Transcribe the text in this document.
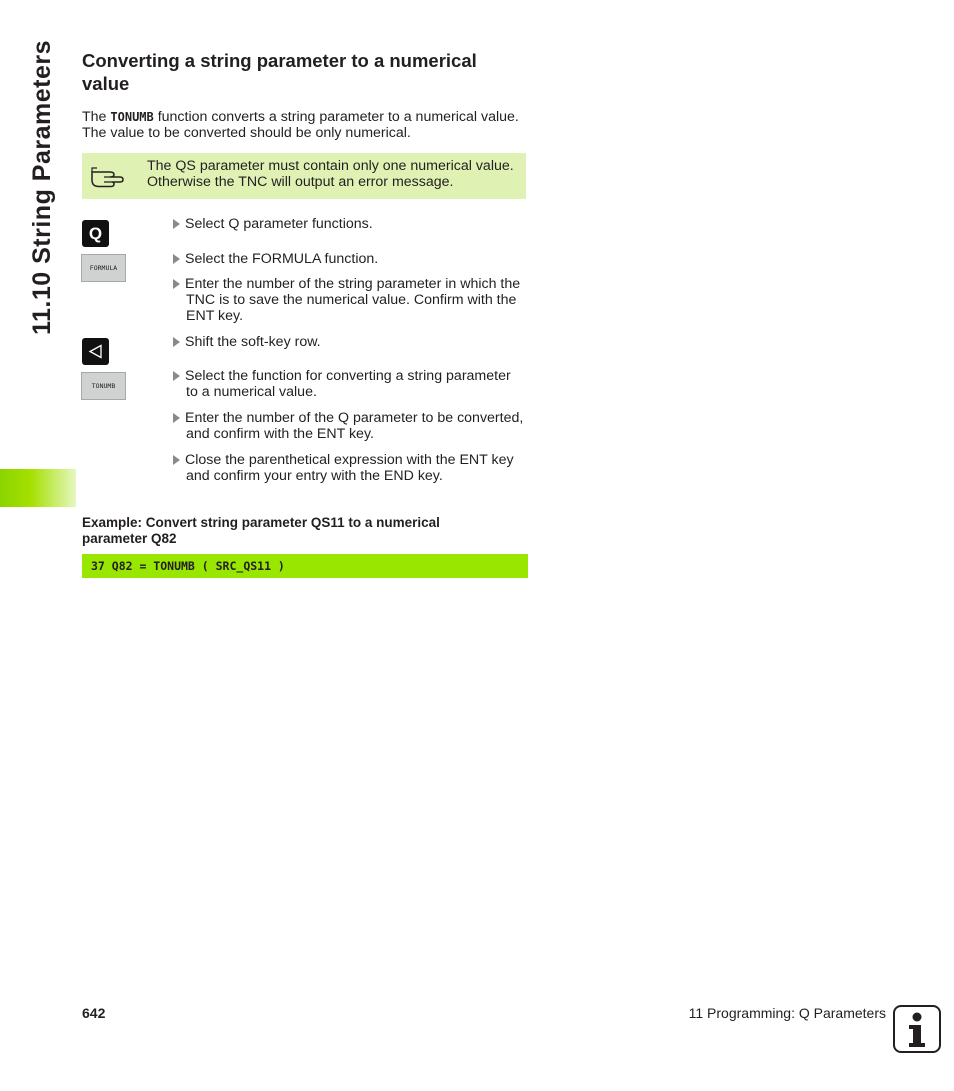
11.10 String Parameters Converting a string parameter to a numerical value

The TONUMB function converts a string parameter to a numerical value. The value to be converted should be only numerical.

The QS parameter must contain only one numerical value. Otherwise the TNC will output an error message.
Q
FORMULA
TONUMB
Select Q parameter functions.
Select the FORMULA function.
Enter the number of the string parameter in which the
TNC is to save the numerical value. Confirm with the
ENT key.
Shift the soft-key row.
Select the function for converting a string parameter
to a numerical value.
Enter the number of the Q parameter to be converted,
and confirm with the ENT key.
Close the parenthetical expression with the ENT key
and confirm your entry with the END key.
Example: Convert string parameter QS11 to a numerical parameter Q82
37 Q82 = TONUMB ( SRC_QS11 )
642	11 Programming: Q Parameters
